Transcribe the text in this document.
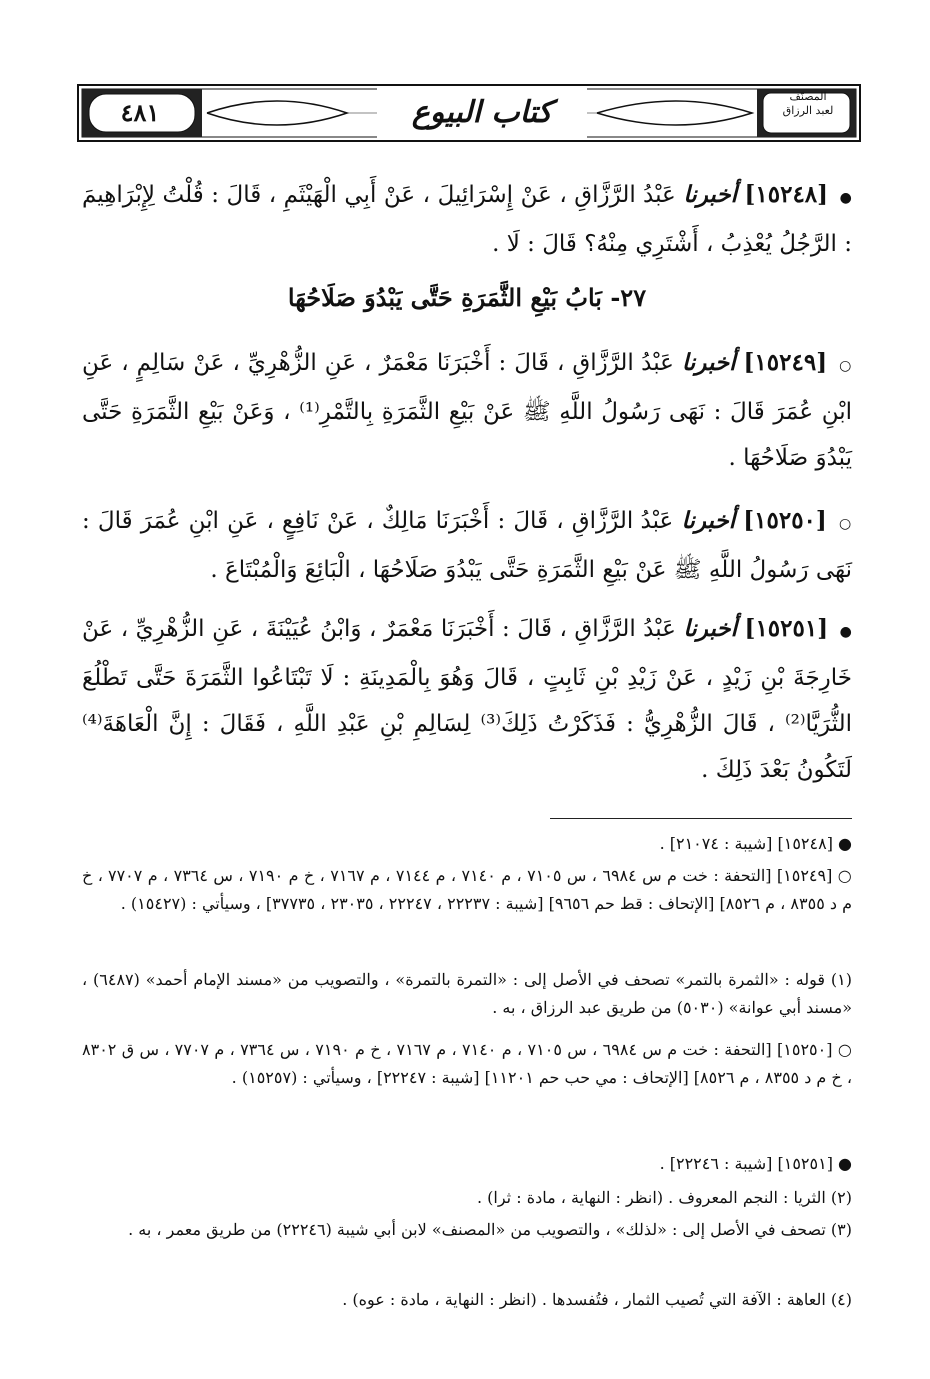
٤٨١	كتاب البيوع	المصنّف
لعبد الرزاق
● [١٥٢٤٨] أخبرنا عَبْدُ الرَّزَّاقِ ، عَنْ إِسْرَائِيلَ ، عَنْ أَبِي الْهَيْثَمِ ، قَالَ : قُلْتُ لِإِبْرَاهِيمَ : الرَّجُلُ يُعْذِبُ ، أَشْتَرِي مِنْهُ؟ قَالَ : لَا .
٢٧- بَابُ بَيْعِ الثَّمَرَةِ حَتَّى يَبْدُوَ صَلَاحُهَا
○ [١٥٢٤٩] أخبرنا عَبْدُ الرَّزَّاقِ ، قَالَ : أَخْبَرَنَا مَعْمَرٌ ، عَنِ الزُّهْرِيِّ ، عَنْ سَالِمٍ ، عَنِ ابْنِ عُمَرَ قَالَ : نَهَى رَسُولُ اللَّهِ ﷺ عَنْ بَيْعِ الثَّمَرَةِ بِالتَّمْرِ⁽¹⁾ ، وَعَنْ بَيْعِ الثَّمَرَةِ حَتَّى يَبْدُوَ صَلَاحُهَا .
○ [١٥٢٥٠] أخبرنا عَبْدُ الرَّزَّاقِ ، قَالَ : أَخْبَرَنَا مَالِكٌ ، عَنْ نَافِعٍ ، عَنِ ابْنِ عُمَرَ قَالَ : نَهَى رَسُولُ اللَّهِ ﷺ عَنْ بَيْعِ الثَّمَرَةِ حَتَّى يَبْدُوَ صَلَاحُهَا ، الْبَائِعَ وَالْمُبْتَاعَ .
● [١٥٢٥١] أخبرنا عَبْدُ الرَّزَّاقِ ، قَالَ : أَخْبَرَنَا مَعْمَرٌ ، وَابْنُ عُيَيْنَةَ ، عَنِ الزُّهْرِيِّ ، عَنْ خَارِجَةَ بْنِ زَيْدٍ ، عَنْ زَيْدِ بْنِ ثَابِتٍ ، قَالَ وَهُوَ بِالْمَدِينَةِ : لَا تَبْتَاعُوا الثَّمَرَةَ حَتَّى تَطْلُعَ الثُّرَيَّا⁽²⁾ ، قَالَ الزُّهْرِيُّ : فَذَكَرْتُ ذَلِكَ⁽³⁾ لِسَالِمِ بْنِ عَبْدِ اللَّهِ ، فَقَالَ : إِنَّ الْعَاهَةَ⁽⁴⁾ لَتَكُونُ بَعْدَ ذَلِكَ .
● [١٥٢٤٨] [شيبة : ٢١٠٧٤] .
○ [١٥٢٤٩] [التحفة : خت م س ٦٩٨٤ ، س ٧١٠٥ ، م ٧١٤٠ ، م ٧١٤٤ ، م ٧١٦٧ ، خ م ٧١٩٠ ، س ٧٣٦٤ ، م ٧٧٠٧ ، خ م د ٨٣٥٥ ، م ٨٥٢٦] [الإتحاف : قط حم ٩٦٥٦] [شيبة : ٢٢٢٣٧ ، ٢٢٢٤٧ ، ٢٣٠٣٥ ، ٣٧٧٣٥] ، وسيأتي : (١٥٤٢٧) .
(١) قوله : «الثمرة بالتمر» تصحف في الأصل إلى : «التمرة بالتمرة» ، والتصويب من «مسند الإمام أحمد» (٦٤٨٧) ، «مسند أبي عوانة» (٥٠٣٠) من طريق عبد الرزاق ، به .
○ [١٥٢٥٠] [التحفة : خت م س ٦٩٨٤ ، س ٧١٠٥ ، م ٧١٤٠ ، م ٧١٦٧ ، خ م ٧١٩٠ ، س ٧٣٦٤ ، م ٧٧٠٧ ، س ق ٨٣٠٢ ، خ م د ٨٣٥٥ ، م ٨٥٢٦] [الإتحاف : مي حب حم ١١٢٠١] [شيبة : ٢٢٢٤٧] ، وسيأتي : (١٥٢٥٧) .
● [١٥٢٥١] [شيبة : ٢٢٢٤٦] .
(٢) الثريا : النجم المعروف . (انظر : النهاية ، مادة : ثرا) .
(٣) تصحف في الأصل إلى : «لذلك» ، والتصويب من «المصنف» لابن أبي شيبة (٢٢٢٤٦) من طريق معمر ، به .
(٤) العاهة : الآفة التي تُصيب الثمار ، فتُفسدها . (انظر : النهاية ، مادة : عوه) .
